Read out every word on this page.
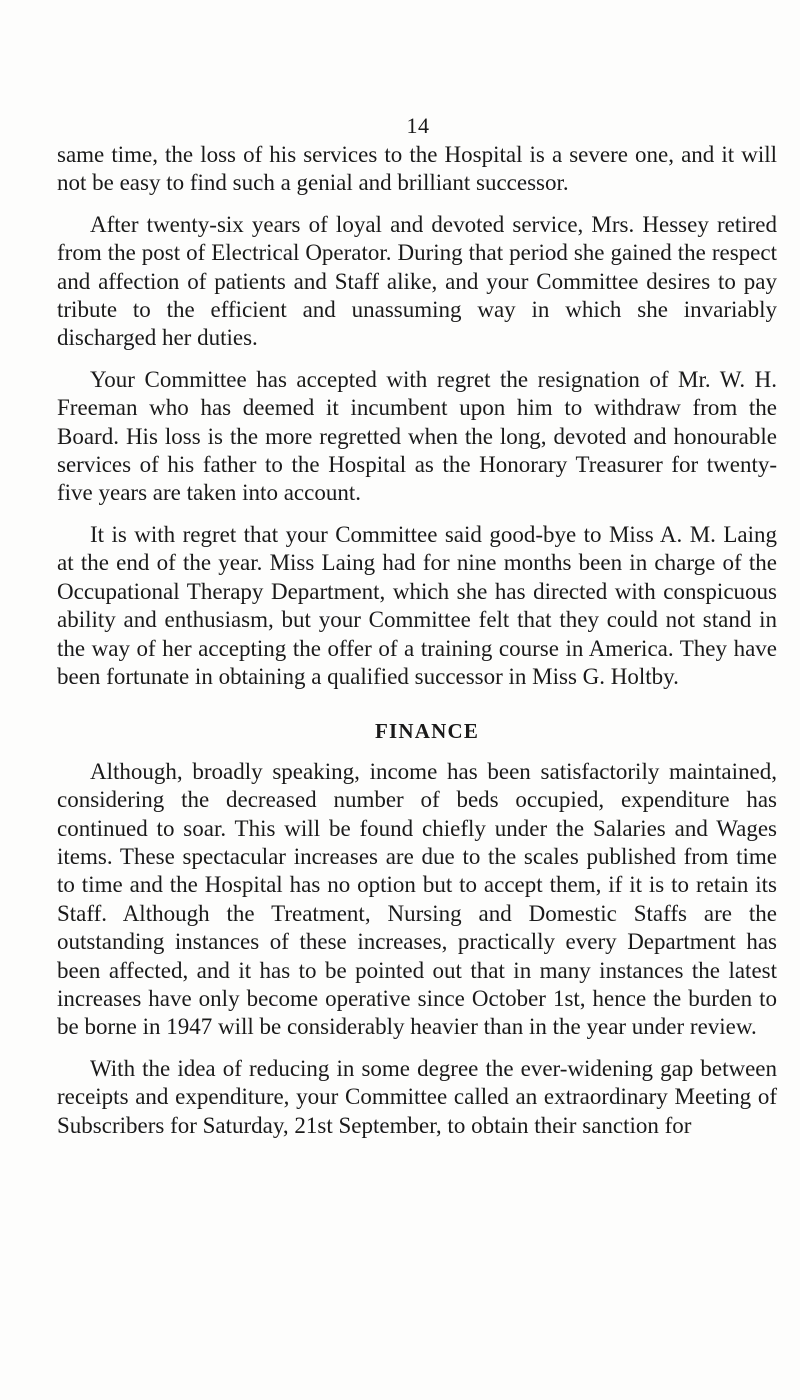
14

same time, the loss of his services to the Hospital is a severe one, and it will not be easy to find such a genial and brilliant successor.

After twenty-six years of loyal and devoted service, Mrs. Hessey retired from the post of Electrical Operator. During that period she gained the respect and affection of patients and Staff alike, and your Committee desires to pay tribute to the efficient and unassuming way in which she invariably discharged her duties.

Your Committee has accepted with regret the resignation of Mr. W. H. Freeman who has deemed it incumbent upon him to withdraw from the Board. His loss is the more regretted when the long, devoted and honourable services of his father to the Hospital as the Honorary Treasurer for twenty-five years are taken into account.

It is with regret that your Committee said good-bye to Miss A. M. Laing at the end of the year. Miss Laing had for nine months been in charge of the Occupational Therapy Department, which she has directed with conspicuous ability and enthusiasm, but your Committee felt that they could not stand in the way of her accepting the offer of a training course in America. They have been fortunate in obtaining a qualified successor in Miss G. Holtby.

FINANCE

Although, broadly speaking, income has been satisfactorily maintained, considering the decreased number of beds occupied, expenditure has continued to soar. This will be found chiefly under the Salaries and Wages items. These spectacular increases are due to the scales published from time to time and the Hospital has no option but to accept them, if it is to retain its Staff. Although the Treatment, Nursing and Domestic Staffs are the outstanding instances of these increases, practically every Department has been affected, and it has to be pointed out that in many instances the latest increases have only become operative since October 1st, hence the burden to be borne in 1947 will be considerably heavier than in the year under review.

With the idea of reducing in some degree the ever-widening gap between receipts and expenditure, your Committee called an extraordinary Meeting of Subscribers for Saturday, 21st September, to obtain their sanction for
